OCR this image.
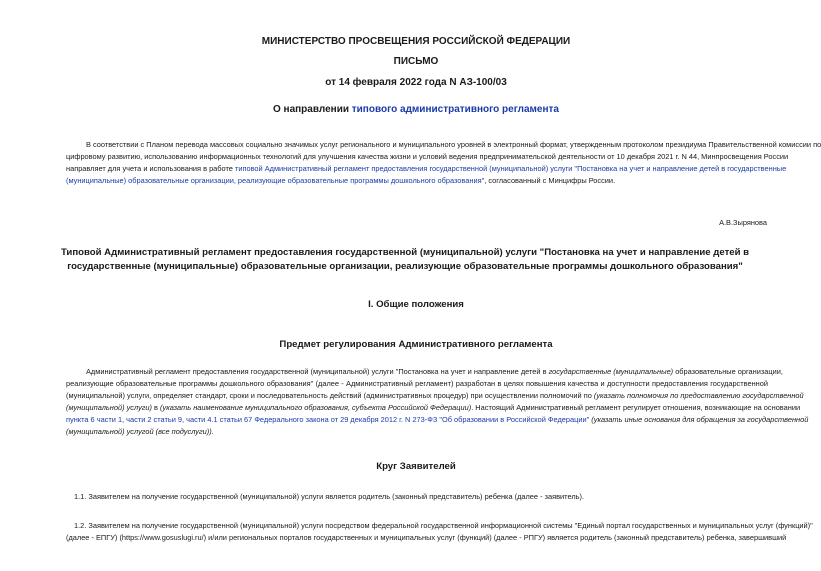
МИНИСТЕРСТВО ПРОСВЕЩЕНИЯ РОССИЙСКОЙ ФЕДЕРАЦИИ
ПИСЬМО
от 14 февраля 2022 года N АЗ-100/03
О направлении типового административного регламента
В соответствии с Планом перевода массовых социально значимых услуг регионального и муниципального уровней в электронный формат, утвержденным протоколом президиума Правительственной комиссии по
цифровому развитию, использованию информационных технологий для улучшения качества жизни и условий ведения предпринимательской деятельности от 10 декабря 2021 г. N 44, Минпросвещения России
направляет для учета и использования в работе типовой Административный регламент предоставления государственной (муниципальной) услуги "Постановка на учет и направление детей в государственные
(муниципальные) образовательные организации, реализующие образовательные программы дошкольного образования", согласованный с Минцифры России.
А.В.Зырянова
Типовой Административный регламент предоставления государственной (муниципальной) услуги "Постановка на учет и направление детей в государственные (муниципальные) образовательные организации, реализующие образовательные программы дошкольного образования"
I. Общие положения
Предмет регулирования Административного регламента
Административный регламент предоставления государственной (муниципальной) услуги "Постановка на учет и направление детей в государственные (муниципальные) образовательные организации,
реализующие образовательные программы дошкольного образования" (далее - Административный регламент) разработан в целях повышения качества и доступности предоставления государственной
(муниципальной) услуги, определяет стандарт, сроки и последовательность действий (административных процедур) при осуществлении полномочий по (указать полномочия по предоставлению государственной
(муниципальной) услуги) в (указать наименование муниципального образования, субъекта Российской Федерации). Настоящий Административный регламент регулирует отношения, возникающие на основании
пункта 6 части 1, части 2 статьи 9, части 4.1 статьи 67 Федерального закона от 29 декабря 2012 г. N 273-ФЗ "Об образовании в Российской Федерации" (указать иные основания для обращения за государственной
(муниципальной) услугой (все подуслуги)).
Круг Заявителей
1.1. Заявителем на получение государственной (муниципальной) услуги является родитель (законный представитель) ребенка (далее - заявитель).
1.2. Заявителем на получение государственной (муниципальной) услуги посредством федеральной государственной информационной системы "Единый портал государственных и муниципальных услуг (функций)"
(далее - ЕПГУ) (https://www.gosuslugi.ru/) и/или региональных порталов государственных и муниципальных услуг (функций) (далее - РПГУ) является родитель (законный представитель) ребенка, завершивший
